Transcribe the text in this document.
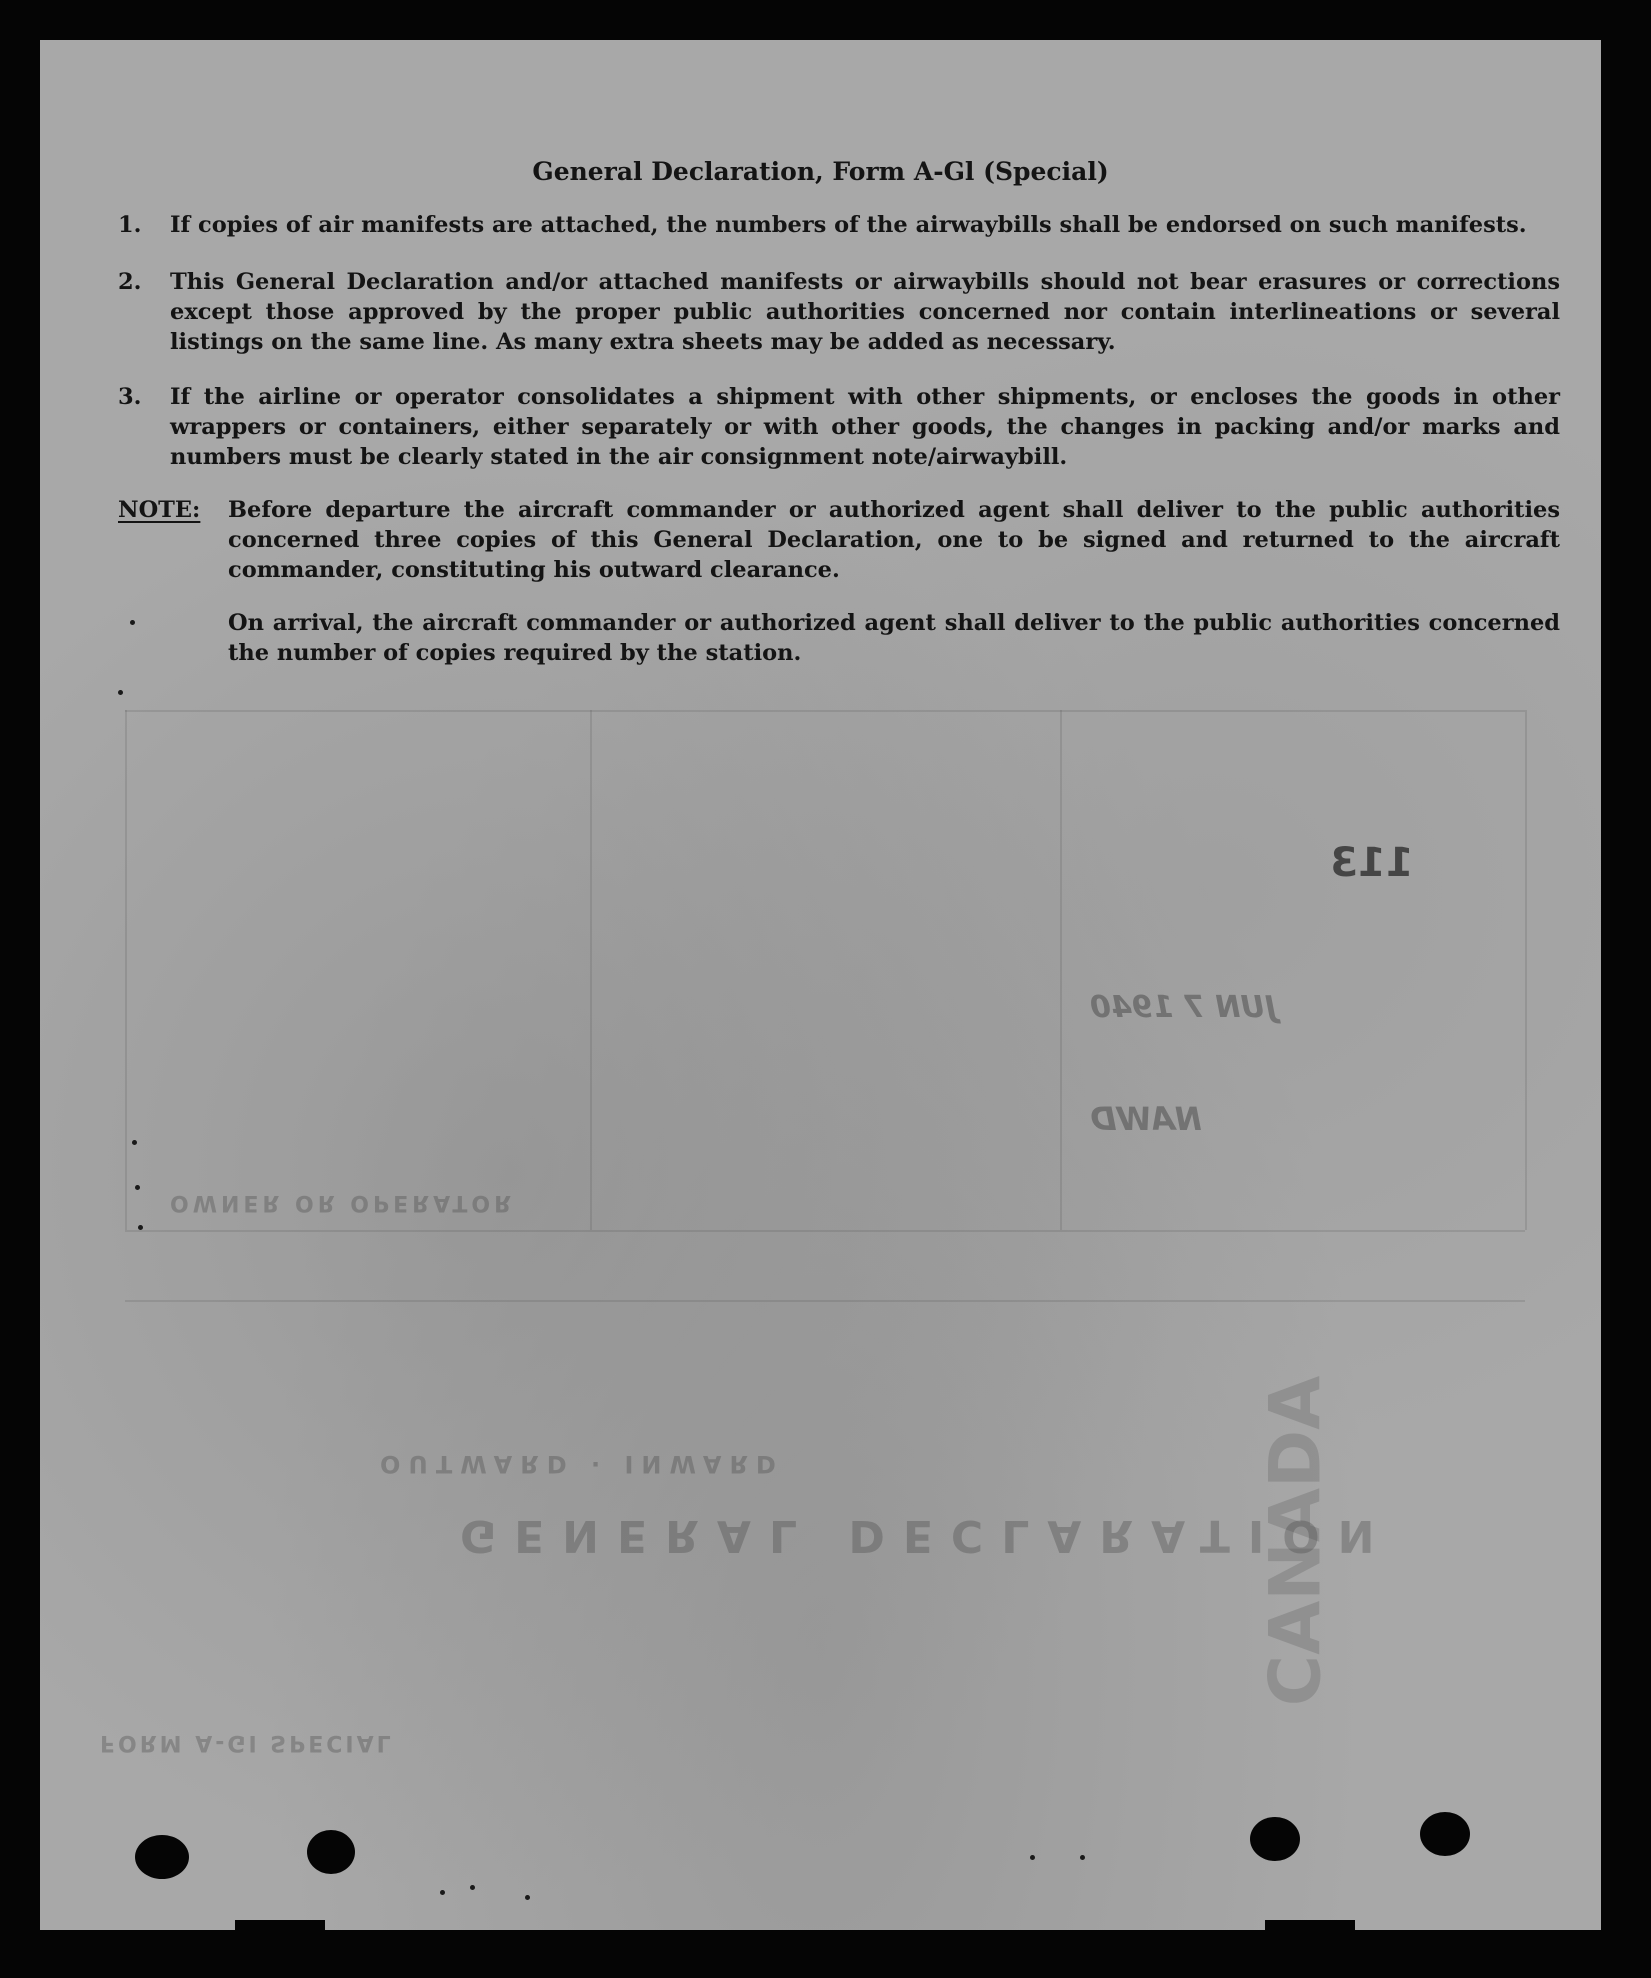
113
JUN 7 1940
NAWD
GENERAL DECLARATION
OUTWARD · INWARD
OWNER OR OPERATOR
FORM A-GI SPECIAL
CANADA
General Declaration, Form A-Gl (Special)
1. If copies of air manifests are attached, the numbers of the airwaybills shall be endorsed on such manifests.
2. This General Declaration and/or attached manifests or airwaybills should not bear erasures or corrections except those approved by the proper public authorities concerned nor contain interlineations or several listings on the same line. As many extra sheets may be added as necessary.
3. If the airline or operator consolidates a shipment with other shipments, or encloses the goods in other wrappers or containers, either separately or with other goods, the changes in packing and/or marks and numbers must be clearly stated in the air consignment note/airwaybill.
NOTE: Before departure the aircraft commander or authorized agent shall deliver to the public authorities concerned three copies of this General Declaration, one to be signed and returned to the aircraft commander, constituting his outward clearance.
On arrival, the aircraft commander or authorized agent shall deliver to the public authorities concerned the number of copies required by the station.
